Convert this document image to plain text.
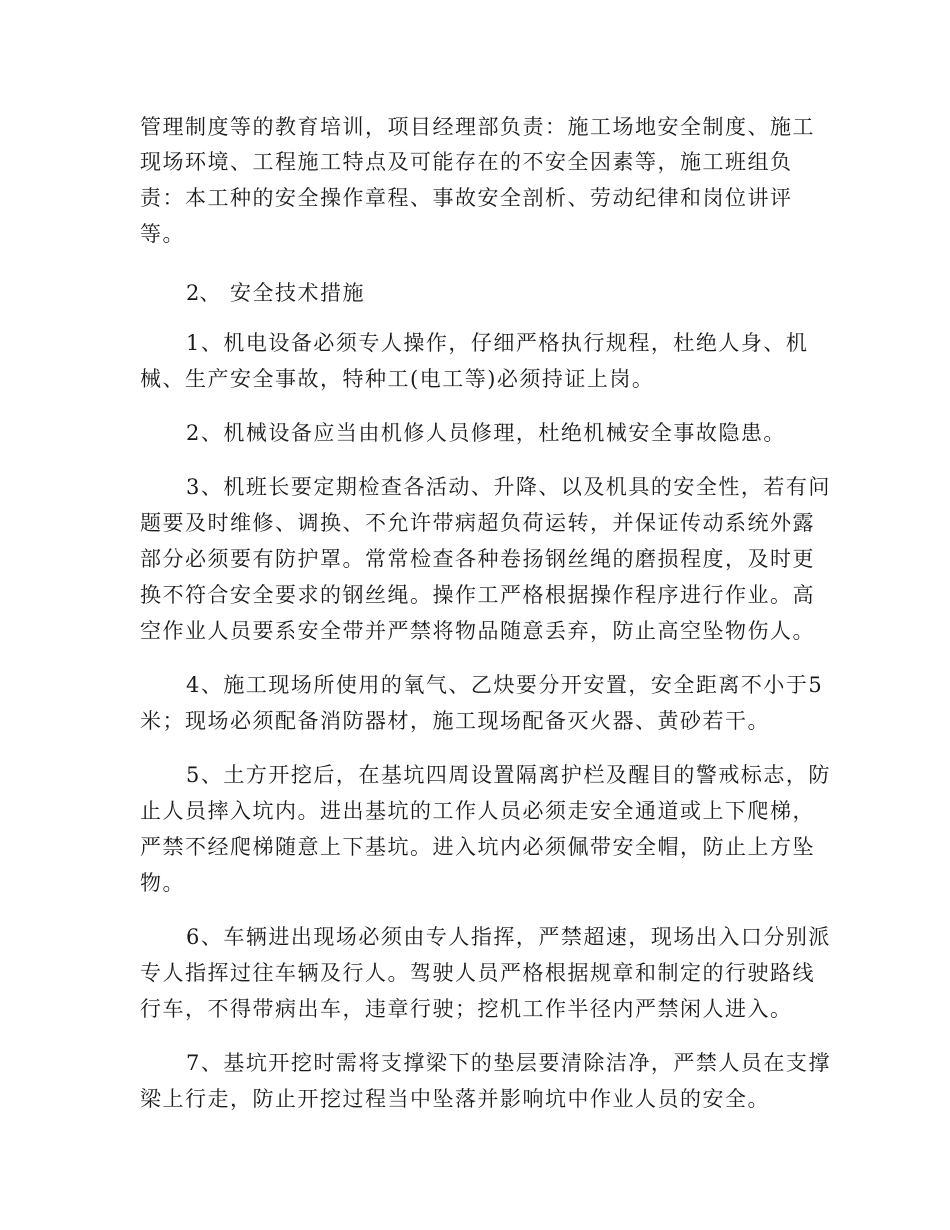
管理制度等的教育培训，项目经理部负责：施工场地安全制度、施工
现场环境、工程施工特点及可能存在的不安全因素等，施工班组负
责：本工种的安全操作章程、事故安全剖析、劳动纪律和岗位讲评
等。
2、 安全技术措施
1、机电设备必须专人操作，仔细严格执行规程，杜绝人身、机
械、生产安全事故，特种工(电工等)必须持证上岗。
2、机械设备应当由机修人员修理，杜绝机械安全事故隐患。
3、机班长要定期检查各活动、升降、以及机具的安全性，若有问
题要及时维修、调换、不允许带病超负荷运转，并保证传动系统外露
部分必须要有防护罩。常常检查各种卷扬钢丝绳的磨损程度，及时更
换不符合安全要求的钢丝绳。操作工严格根据操作程序进行作业。高
空作业人员要系安全带并严禁将物品随意丢弃，防止高空坠物伤人。
4、施工现场所使用的氧气、乙炔要分开安置，安全距离不小于5
米；现场必须配备消防器材，施工现场配备灭火器、黄砂若干。
5、土方开挖后，在基坑四周设置隔离护栏及醒目的警戒标志，防
止人员摔入坑内。进出基坑的工作人员必须走安全通道或上下爬梯，
严禁不经爬梯随意上下基坑。进入坑内必须佩带安全帽，防止上方坠
物。
6、车辆进出现场必须由专人指挥，严禁超速，现场出入口分别派
专人指挥过往车辆及行人。驾驶人员严格根据规章和制定的行驶路线
行车，不得带病出车，违章行驶；挖机工作半径内严禁闲人进入。
7、基坑开挖时需将支撑梁下的垫层要清除洁净，严禁人员在支撑
梁上行走，防止开挖过程当中坠落并影响坑中作业人员的安全。
